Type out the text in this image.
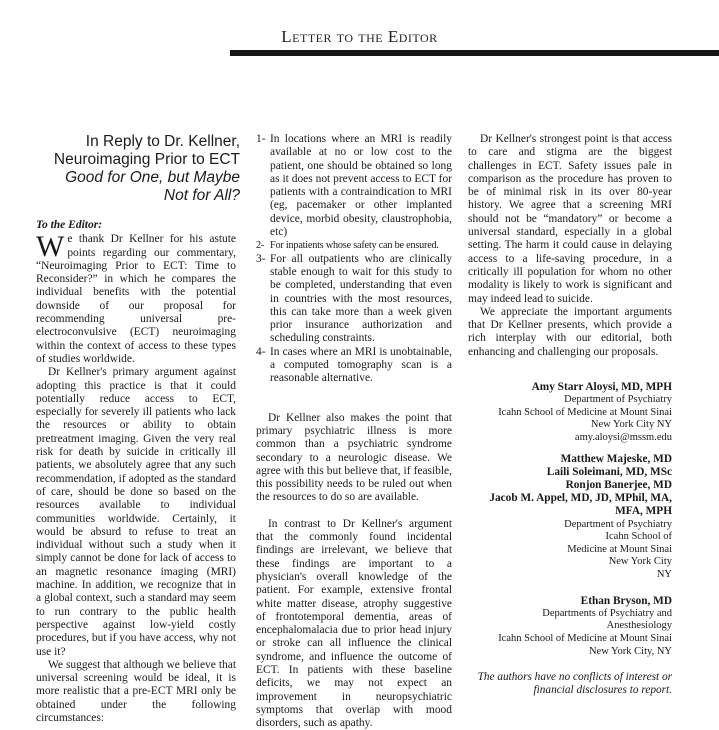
Letter to the Editor
In Reply to Dr. Kellner,
Neuroimaging Prior to ECT
Good for One, but Maybe
Not for All?
To the Editor:

We thank Dr Kellner for his astute points regarding our commentary, “Neuroimaging Prior to ECT: Time to Reconsider?” in which he compares the individual benefits with the potential downside of our proposal for recommending universal pre-electroconvulsive (ECT) neuroimaging within the context of access to these types of studies worldwide.

Dr Kellner's primary argument against adopting this practice is that it could potentially reduce access to ECT, especially for severely ill patients who lack the resources or ability to obtain pretreatment imaging. Given the very real risk for death by suicide in critically ill patients, we absolutely agree that any such recommendation, if adopted as the standard of care, should be done so based on the resources available to individual communities worldwide. Certainly, it would be absurd to refuse to treat an individual without such a study when it simply cannot be done for lack of access to an magnetic resonance imaging (MRI) machine. In addition, we recognize that in a global context, such a standard may seem to run contrary to the public health perspective against low-yield costly procedures, but if you have access, why not use it?

We suggest that although we believe that universal screening would be ideal, it is more realistic that a pre-ECT MRI only be obtained under the following circumstances:

1- In locations where an MRI is readily available at no or low cost to the patient, one should be obtained so long as it does not prevent access to ECT for patients with a contraindication to MRI (eg, pacemaker or other implanted device, morbid obesity, claustrophobia, etc)
2- For inpatients whose safety can be ensured.
3- For all outpatients who are clinically stable enough to wait for this study to be completed, understanding that even in countries with the most resources, this can take more than a week given prior insurance authorization and scheduling constraints.
4- In cases where an MRI is unobtainable, a computed tomography scan is a reasonable alternative.

Dr Kellner also makes the point that primary psychiatric illness is more common than a psychiatric syndrome secondary to a neurologic disease. We agree with this but believe that, if feasible, this possibility needs to be ruled out when the resources to do so are available.

In contrast to Dr Kellner's argument that the commonly found incidental findings are irrelevant, we believe that these findings are important to a physician's overall knowledge of the patient. For example, extensive frontal white matter disease, atrophy suggestive of frontotemporal dementia, areas of encephalomalacia due to prior head injury or stroke can all influence the clinical syndrome, and influence the outcome of ECT. In patients with these baseline deficits, we may not expect an improvement in neuropsychiatric symptoms that overlap with mood disorders, such as apathy.

Dr Kellner's strongest point is that access to care and stigma are the biggest challenges in ECT. Safety issues pale in comparison as the procedure has proven to be of minimal risk in its over 80-year history. We agree that a screening MRI should not be “mandatory” or become a universal standard, especially in a global setting. The harm it could cause in delaying access to a life-saving procedure, in a critically ill population for whom no other modality is likely to work is significant and may indeed lead to suicide.

We appreciate the important arguments that Dr Kellner presents, which provide a rich interplay with our editorial, both enhancing and challenging our proposals.

Amy Starr Aloysi, MD, MPH
Department of Psychiatry
Icahn School of Medicine at Mount Sinai
New York City NY
amy.aloysi@mssm.edu
Matthew Majeske, MD
Laili Soleimani, MD, MSc
Ronjon Banerjee, MD
Jacob M. Appel, MD, JD, MPhil, MA,
MFA, MPH
Department of Psychiatry
Icahn School of
Medicine at Mount Sinai
New York City
NY
Ethan Bryson, MD
Departments of Psychiatry and
Anesthesiology
Icahn School of Medicine at Mount Sinai
New York City, NY
The authors have no conflicts of interest or financial disclosures to report.
